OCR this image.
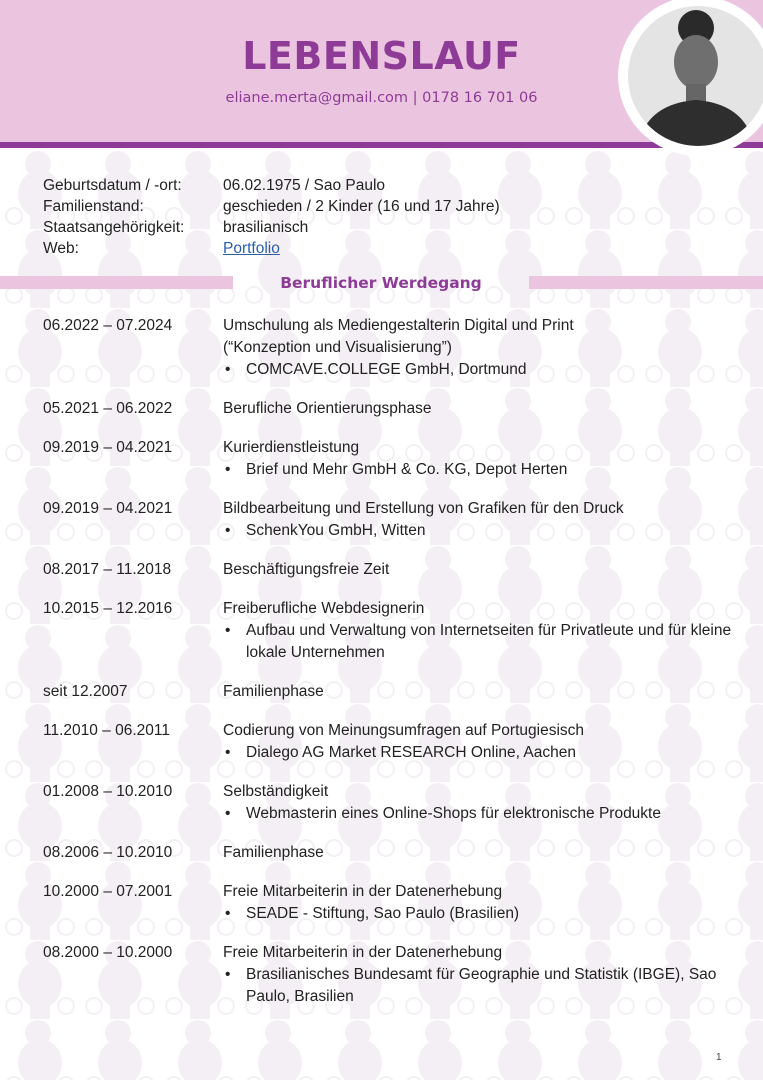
LEBENSLAUF
eliane.merta@gmail.com | 0178 16 701 06
Geburtsdatum / -ort:	06.02.1975 / Sao Paulo
Familienstand:	geschieden / 2 Kinder (16 und 17 Jahre)
Staatsangehörigkeit:	brasilianisch
Web:	Portfolio
Beruflicher Werdegang
06.2022 – 07.2024	Umschulung als Mediengestalterin Digital und Print
(“Konzeption und Visualisierung”)
• COMCAVE.COLLEGE GmbH, Dortmund
05.2021 – 06.2022	Berufliche Orientierungsphase
09.2019 – 04.2021	Kurierdienstleistung
• Brief und Mehr GmbH & Co. KG, Depot Herten
09.2019 – 04.2021	Bildbearbeitung und Erstellung von Grafiken für den Druck
• SchenkYou GmbH, Witten
08.2017 – 11.2018	Beschäftigungsfreie Zeit
10.2015 – 12.2016	Freiberufliche Webdesignerin
• Aufbau und Verwaltung von Internetseiten für Privatleute und für kleine lokale Unternehmen
seit 12.2007	Familienphase
11.2010 – 06.2011	Codierung von Meinungsumfragen auf Portugiesisch
• Dialego AG Market RESEARCH Online, Aachen
01.2008 – 10.2010	Selbständigkeit
• Webmasterin eines Online-Shops für elektronische Produkte
08.2006 – 10.2010	Familienphase
10.2000 – 07.2001	Freie Mitarbeiterin in der Datenerhebung
• SEADE - Stiftung, Sao Paulo (Brasilien)
08.2000 – 10.2000	Freie Mitarbeiterin in der Datenerhebung
• Brasilianisches Bundesamt für Geographie und Statistik (IBGE), Sao Paulo, Brasilien
1
